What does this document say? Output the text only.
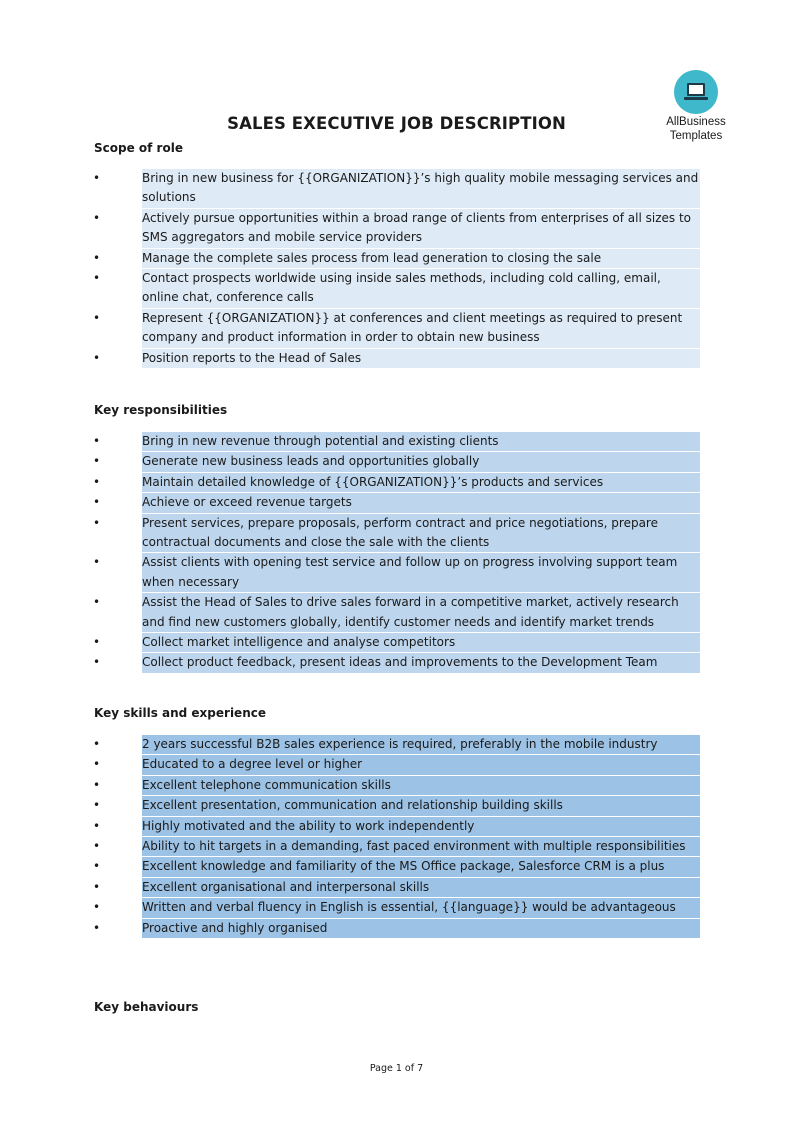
AllBusiness
Templates
SALES EXECUTIVE JOB DESCRIPTION
Scope of role
•	Bring in new business for {{ORGANIZATION}}’s high quality mobile messaging services and solutions
•	Actively pursue opportunities within a broad range of clients from enterprises of all sizes to SMS aggregators and mobile service providers
•	Manage the complete sales process from lead generation to closing the sale
•	Contact prospects worldwide using inside sales methods, including cold calling, email, online chat, conference calls
•	Represent {{ORGANIZATION}} at conferences and client meetings as required to present company and product information in order to obtain new business
•	Position reports to the Head of Sales
Key responsibilities
•	Bring in new revenue through potential and existing clients
•	Generate new business leads and opportunities globally
•	Maintain detailed knowledge of {{ORGANIZATION}}’s products and services
•	Achieve or exceed revenue targets
•	Present services, prepare proposals, perform contract and price negotiations, prepare contractual documents and close the sale with the clients
•	Assist clients with opening test service and follow up on progress involving support team when necessary
•	Assist the Head of Sales to drive sales forward in a competitive market, actively research and find new customers globally, identify customer needs and identify market trends
•	Collect market intelligence and analyse competitors
•	Collect product feedback, present ideas and improvements to the Development Team
Key skills and experience
•	2 years successful B2B sales experience is required, preferably in the mobile industry
•	Educated to a degree level or higher
•	Excellent telephone communication skills
•	Excellent presentation, communication and relationship building skills
•	Highly motivated and the ability to work independently
•	Ability to hit targets in a demanding, fast paced environment with multiple responsibilities
•	Excellent knowledge and familiarity of the MS Office package, Salesforce CRM is a plus
•	Excellent organisational and interpersonal skills
•	Written and verbal fluency in English is essential, {{language}} would be advantageous
•	Proactive and highly organised
Key behaviours
Page 1 of 7
